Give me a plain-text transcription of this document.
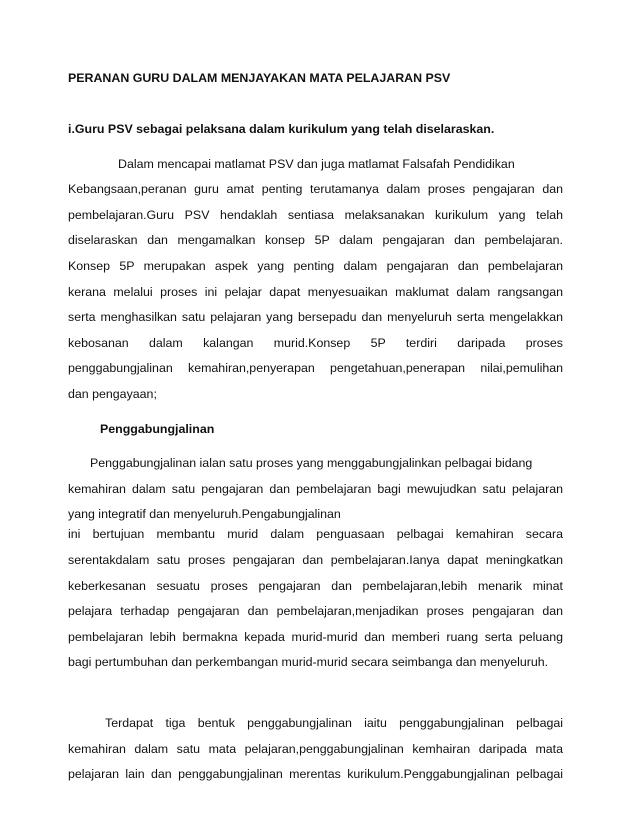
PERANAN GURU DALAM MENJAYAKAN MATA PELAJARAN PSV
i.Guru PSV sebagai pelaksana dalam kurikulum yang telah diselaraskan.
Dalam mencapai matlamat PSV dan juga matlamat Falsafah Pendidikan
Kebangsaan,peranan guru amat penting terutamanya dalam proses pengajaran dan
pembelajaran.Guru PSV hendaklah sentiasa melaksanakan kurikulum yang telah
diselaraskan dan mengamalkan konsep 5P dalam pengajaran dan pembelajaran.
Konsep 5P merupakan aspek yang penting dalam pengajaran dan pembelajaran
kerana melalui proses ini pelajar dapat menyesuaikan maklumat dalam rangsangan
serta menghasilkan satu pelajaran yang bersepadu dan menyeluruh serta mengelakkan
kebosanan dalam kalangan murid.Konsep 5P terdiri daripada proses
penggabungjalinan kemahiran,penyerapan pengetahuan,penerapan nilai,pemulihan
dan pengayaan;
Penggabungjalinan
Penggabungjalinan ialan satu proses yang menggabungjalinkan pelbagai bidang
kemahiran dalam satu pengajaran dan pembelajaran bagi mewujudkan satu pelajaran
yang integratif dan menyeluruh.Pengabungjalinan
ini bertujuan membantu murid dalam penguasaan pelbagai kemahiran secara
serentakdalam satu proses pengajaran dan pembelajaran.Ianya dapat meningkatkan
keberkesanan sesuatu proses pengajaran dan pembelajaran,lebih menarik minat
pelajara terhadap pengajaran dan pembelajaran,menjadikan proses pengajaran dan
pembelajaran lebih bermakna kepada murid-murid dan memberi ruang serta peluang
bagi pertumbuhan dan perkembangan murid-murid secara seimbanga dan menyeluruh.
Terdapat tiga bentuk penggabungjalinan iaitu penggabungjalinan pelbagai
kemahiran dalam satu mata pelajaran,penggabungjalinan kemhairan daripada mata
pelajaran lain dan penggabungjalinan merentas kurikulum.Penggabungjalinan pelbagai
